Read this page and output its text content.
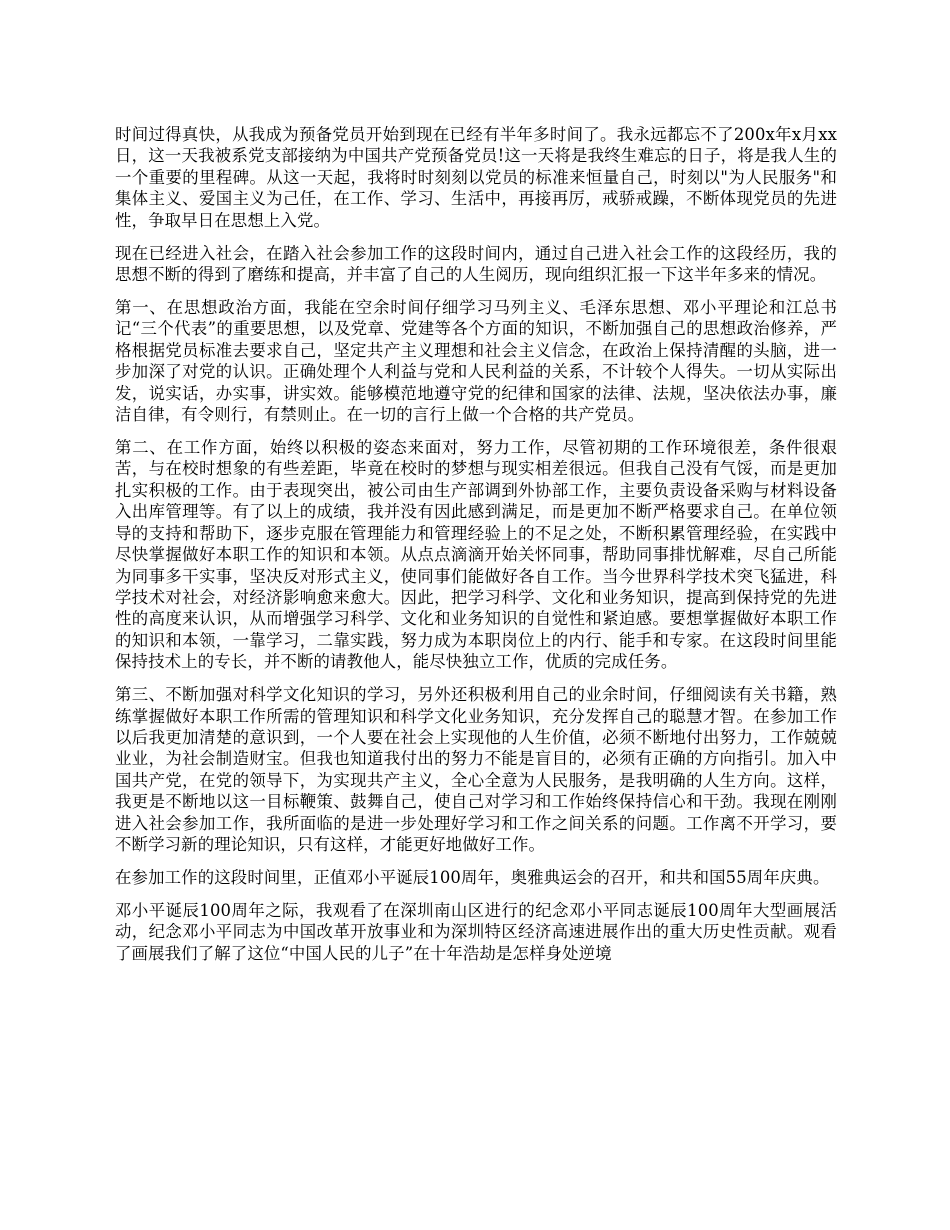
时间过得真快，从我成为预备党员开始到现在已经有半年多时间了。我永远都忘不了200x年x月xx日，这一天我被系党支部接纳为中国共产党预备党员!这一天将是我终生难忘的日子，将是我人生的一个重要的里程碑。从这一天起，我将时时刻刻以党员的标准来恒量自己，时刻以"为人民服务"和集体主义、爱国主义为己任，在工作、学习、生活中，再接再厉，戒骄戒躁，不断体现党员的先进性，争取早日在思想上入党。

现在已经进入社会，在踏入社会参加工作的这段时间内，通过自己进入社会工作的这段经历，我的思想不断的得到了磨练和提高，并丰富了自己的人生阅历，现向组织汇报一下这半年多来的情况。

第一、在思想政治方面，我能在空余时间仔细学习马列主义、毛泽东思想、邓小平理论和江总书记“三个代表”的重要思想，以及党章、党建等各个方面的知识，不断加强自己的思想政治修养，严格根据党员标准去要求自己，坚定共产主义理想和社会主义信念，在政治上保持清醒的头脑，进一步加深了对党的认识。正确处理个人利益与党和人民利益的关系，不计较个人得失。一切从实际出发，说实话，办实事，讲实效。能够模范地遵守党的纪律和国家的法律、法规，坚决依法办事，廉洁自律，有令则行，有禁则止。在一切的言行上做一个合格的共产党员。

第二、在工作方面，始终以积极的姿态来面对，努力工作，尽管初期的工作环境很差，条件很艰苦，与在校时想象的有些差距，毕竟在校时的梦想与现实相差很远。但我自己没有气馁，而是更加扎实积极的工作。由于表现突出，被公司由生产部调到外协部工作，主要负责设备采购与材料设备入出库管理等。有了以上的成绩，我并没有因此感到满足，而是更加不断严格要求自己。在单位领导的支持和帮助下，逐步克服在管理能力和管理经验上的不足之处，不断积累管理经验，在实践中尽快掌握做好本职工作的知识和本领。从点点滴滴开始关怀同事，帮助同事排忧解难，尽自己所能为同事多干实事，坚决反对形式主义，使同事们能做好各自工作。当今世界科学技术突飞猛进，科学技术对社会，对经济影响愈来愈大。因此，把学习科学、文化和业务知识，提高到保持党的先进性的高度来认识，从而增强学习科学、文化和业务知识的自觉性和紧迫感。要想掌握做好本职工作的知识和本领，一靠学习，二靠实践，努力成为本职岗位上的内行、能手和专家。在这段时间里能保持技术上的专长，并不断的请教他人，能尽快独立工作，优质的完成任务。

第三、不断加强对科学文化知识的学习，另外还积极利用自己的业余时间，仔细阅读有关书籍，熟练掌握做好本职工作所需的管理知识和科学文化业务知识，充分发挥自己的聪慧才智。在参加工作以后我更加清楚的意识到，一个人要在社会上实现他的人生价值，必须不断地付出努力，工作兢兢业业，为社会制造财宝。但我也知道我付出的努力不能是盲目的，必须有正确的方向指引。加入中国共产党，在党的领导下，为实现共产主义，全心全意为人民服务，是我明确的人生方向。这样，我更是不断地以这一目标鞭策、鼓舞自己，使自己对学习和工作始终保持信心和干劲。我现在刚刚进入社会参加工作，我所面临的是进一步处理好学习和工作之间关系的问题。工作离不开学习，要不断学习新的理论知识，只有这样，才能更好地做好工作。

在参加工作的这段时间里，正值邓小平诞辰100周年，奥雅典运会的召开，和共和国55周年庆典。

邓小平诞辰100周年之际，我观看了在深圳南山区进行的纪念邓小平同志诞辰100周年大型画展活动，纪念邓小平同志为中国改革开放事业和为深圳特区经济高速进展作出的重大历史性贡献。观看了画展我们了解了这位“中国人民的儿子”在十年浩劫是怎样身处逆境
